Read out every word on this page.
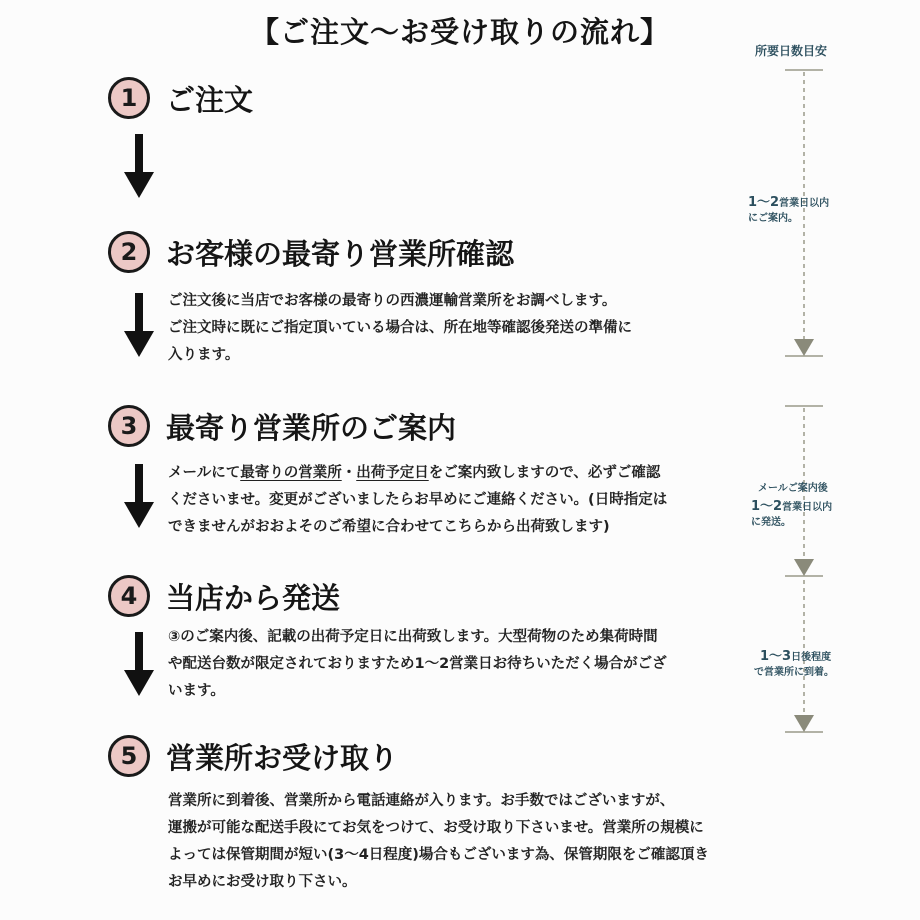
【ご注文〜お受け取りの流れ】
1 ご注文
2 お客様の最寄り営業所確認
ご注文後に当店でお客様の最寄りの西濃運輸営業所をお調べします。
ご注文時に既にご指定頂いている場合は、所在地等確認後発送の準備に
入ります。
3 最寄り営業所のご案内
メールにて最寄りの営業所・出荷予定日をご案内致しますので、必ずご確認
くださいませ。変更がございましたらお早めにご連絡ください。(日時指定は
できませんがおおよそのご希望に合わせてこちらから出荷致します)
4 当店から発送
③のご案内後、記載の出荷予定日に出荷致します。大型荷物のため集荷時間
や配送台数が限定されておりますため1〜2営業日お待ちいただく場合がござ
います。
5 営業所お受け取り
営業所に到着後、営業所から電話連絡が入ります。お手数ではございますが、
運搬が可能な配送手段にてお気をつけて、お受け取り下さいませ。営業所の規模に
よっては保管期間が短い(3〜4日程度)場合もございます為、保管期限をご確認頂き
お早めにお受け取り下さい。
所要日数目安
1〜2営業日以内
にご案内。
メールご案内後
1〜2営業日以内
に発送。
1〜3日後程度
で営業所に到着。
